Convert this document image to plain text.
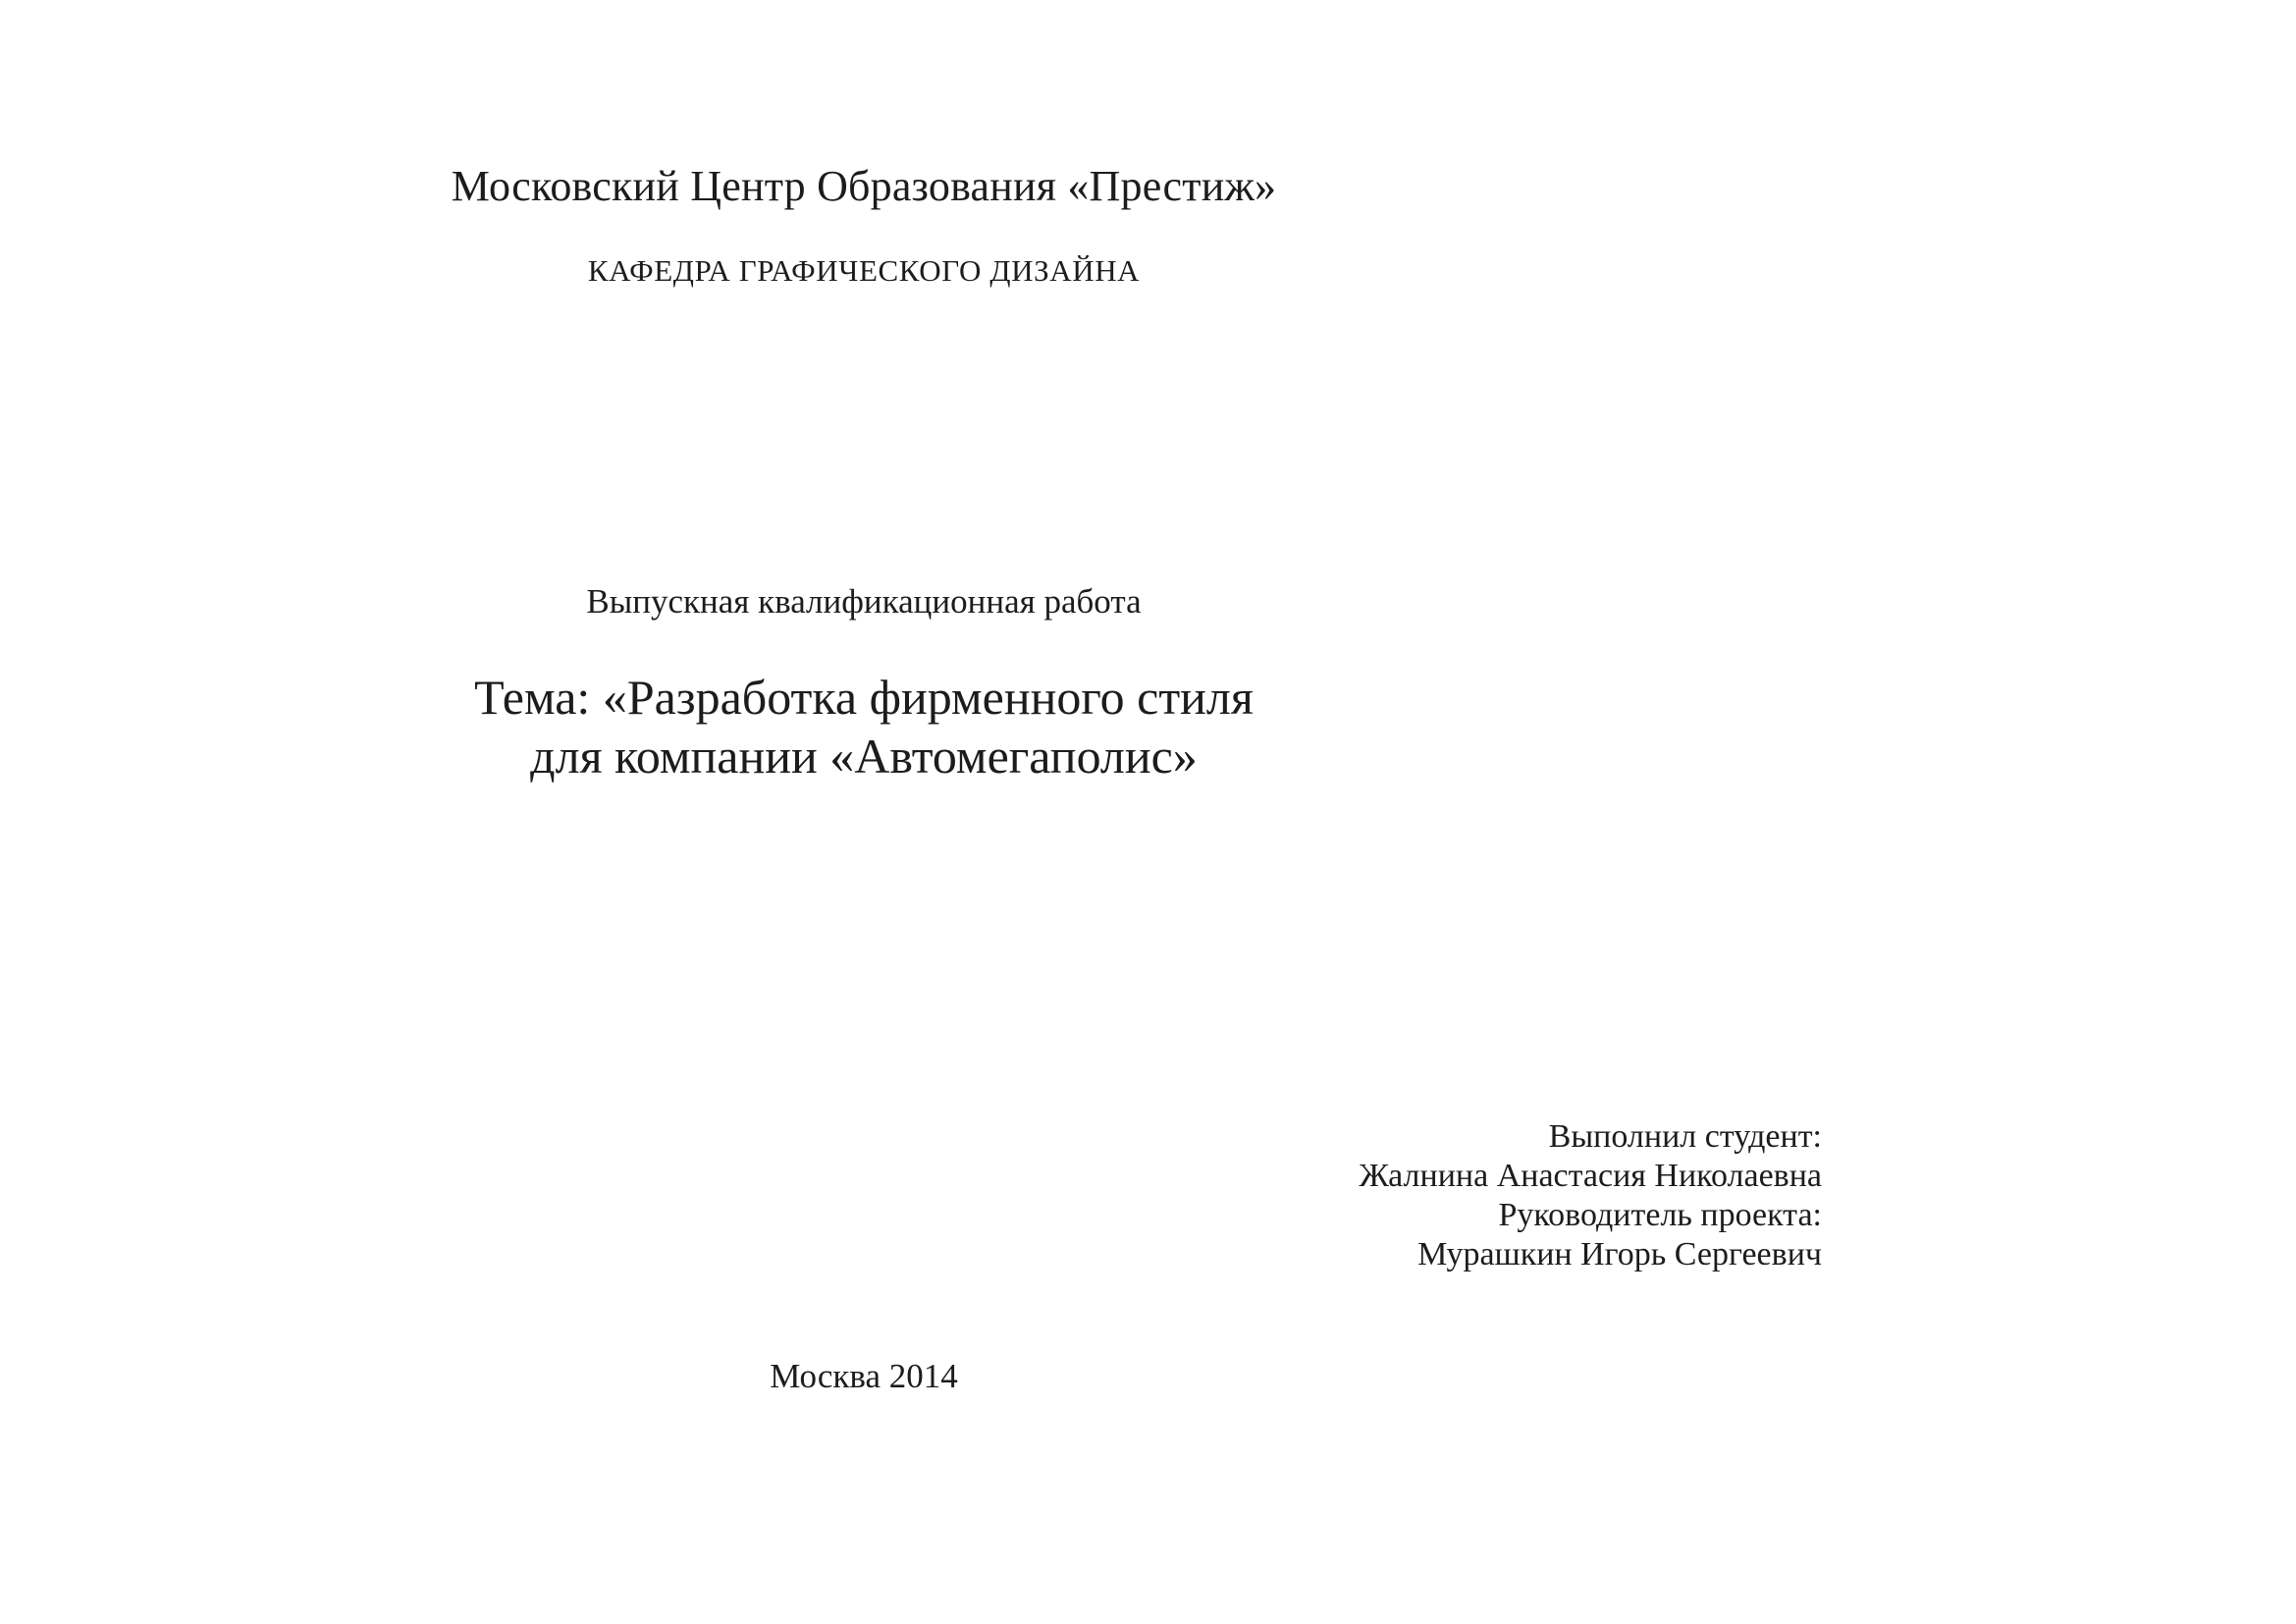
Московский Центр Образования «Престиж»
КАФЕДРА ГРАФИЧЕСКОГО ДИЗАЙНА
Выпускная квалификационная работа
Тема: «Разработка фирменного стиля
для компании «Автомегаполис»
Выполнил студент:
Жалнина Анастасия Николаевна
Руководитель проекта:
Мурашкин Игорь Сергеевич
Москва 2014
